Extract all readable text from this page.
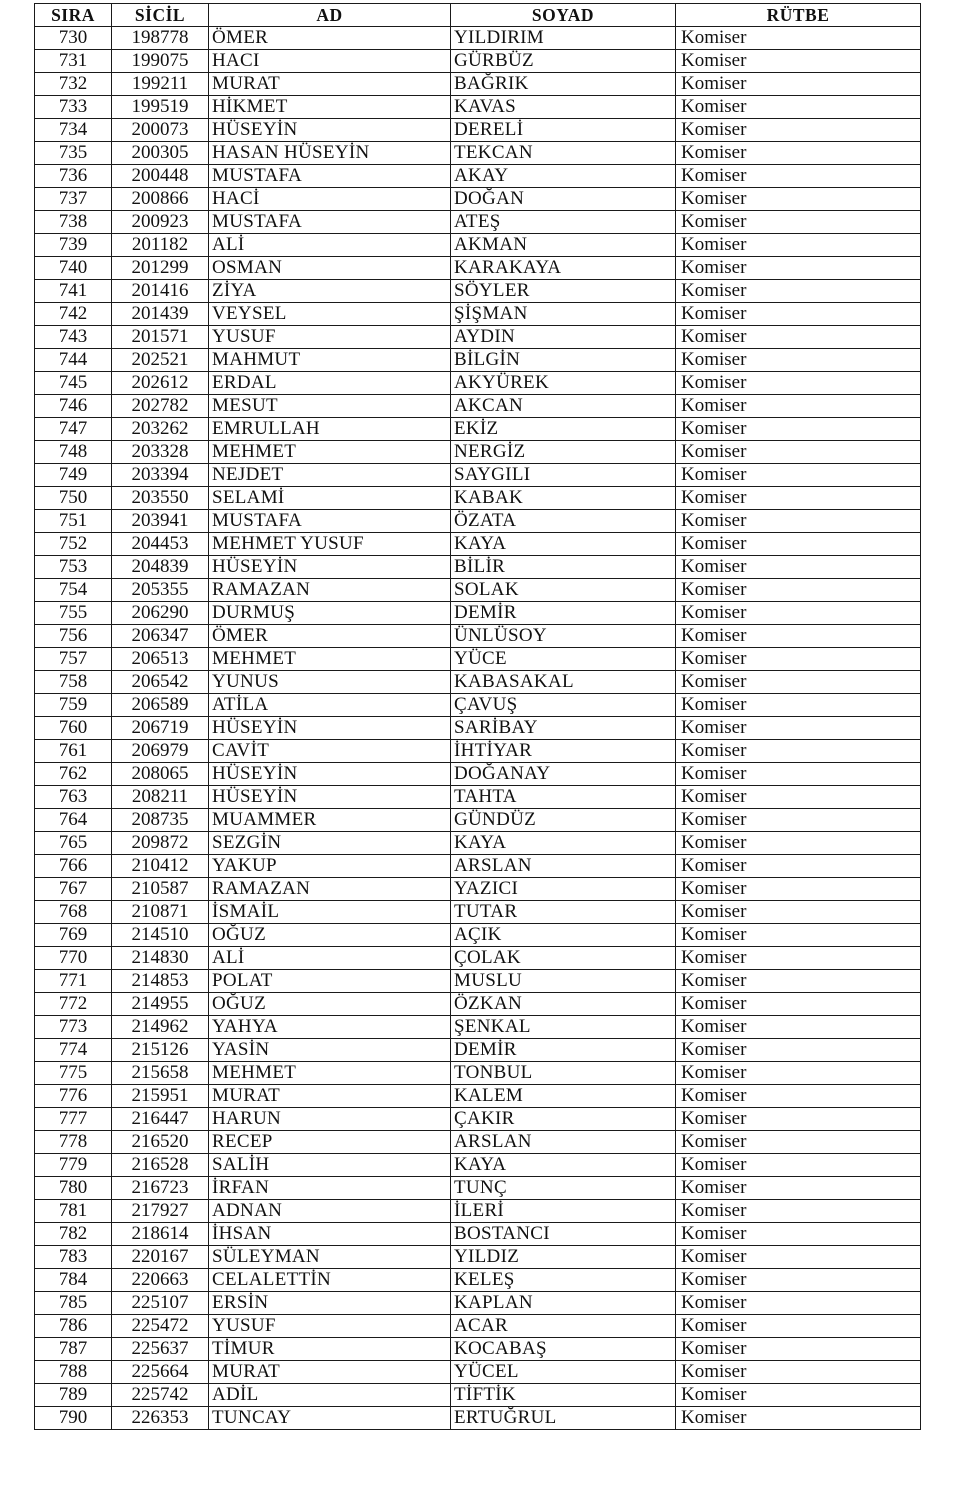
SIRA	SİCİL	AD	SOYAD	RÜTBE
730	198778	ÖMER	YILDIRIM	Komiser
731	199075	HACI	GÜRBÜZ	Komiser
732	199211	MURAT	BAĞRIK	Komiser
733	199519	HİKMET	KAVAS	Komiser
734	200073	HÜSEYİN	DERELİ	Komiser
735	200305	HASAN HÜSEYİN	TEKCAN	Komiser
736	200448	MUSTAFA	AKAY	Komiser
737	200866	HACİ	DOĞAN	Komiser
738	200923	MUSTAFA	ATEŞ	Komiser
739	201182	ALİ	AKMAN	Komiser
740	201299	OSMAN	KARAKAYA	Komiser
741	201416	ZİYA	SÖYLER	Komiser
742	201439	VEYSEL	ŞİŞMAN	Komiser
743	201571	YUSUF	AYDIN	Komiser
744	202521	MAHMUT	BİLGİN	Komiser
745	202612	ERDAL	AKYÜREK	Komiser
746	202782	MESUT	AKCAN	Komiser
747	203262	EMRULLAH	EKİZ	Komiser
748	203328	MEHMET	NERGİZ	Komiser
749	203394	NEJDET	SAYGILI	Komiser
750	203550	SELAMİ	KABAK	Komiser
751	203941	MUSTAFA	ÖZATA	Komiser
752	204453	MEHMET YUSUF	KAYA	Komiser
753	204839	HÜSEYİN	BİLİR	Komiser
754	205355	RAMAZAN	SOLAK	Komiser
755	206290	DURMUŞ	DEMİR	Komiser
756	206347	ÖMER	ÜNLÜSOY	Komiser
757	206513	MEHMET	YÜCE	Komiser
758	206542	YUNUS	KABASAKAL	Komiser
759	206589	ATİLA	ÇAVUŞ	Komiser
760	206719	HÜSEYİN	SARİBAY	Komiser
761	206979	CAVİT	İHTİYAR	Komiser
762	208065	HÜSEYİN	DOĞANAY	Komiser
763	208211	HÜSEYİN	TAHTA	Komiser
764	208735	MUAMMER	GÜNDÜZ	Komiser
765	209872	SEZGİN	KAYA	Komiser
766	210412	YAKUP	ARSLAN	Komiser
767	210587	RAMAZAN	YAZICI	Komiser
768	210871	İSMAİL	TUTAR	Komiser
769	214510	OĞUZ	AÇIK	Komiser
770	214830	ALİ	ÇOLAK	Komiser
771	214853	POLAT	MUSLU	Komiser
772	214955	OĞUZ	ÖZKAN	Komiser
773	214962	YAHYA	ŞENKAL	Komiser
774	215126	YASİN	DEMİR	Komiser
775	215658	MEHMET	TONBUL	Komiser
776	215951	MURAT	KALEM	Komiser
777	216447	HARUN	ÇAKIR	Komiser
778	216520	RECEP	ARSLAN	Komiser
779	216528	SALİH	KAYA	Komiser
780	216723	İRFAN	TUNÇ	Komiser
781	217927	ADNAN	İLERİ	Komiser
782	218614	İHSAN	BOSTANCI	Komiser
783	220167	SÜLEYMAN	YILDIZ	Komiser
784	220663	CELALETTİN	KELEŞ	Komiser
785	225107	ERSİN	KAPLAN	Komiser
786	225472	YUSUF	ACAR	Komiser
787	225637	TİMUR	KOCABAŞ	Komiser
788	225664	MURAT	YÜCEL	Komiser
789	225742	ADİL	TİFTİK	Komiser
790	226353	TUNCAY	ERTUĞRUL	Komiser
